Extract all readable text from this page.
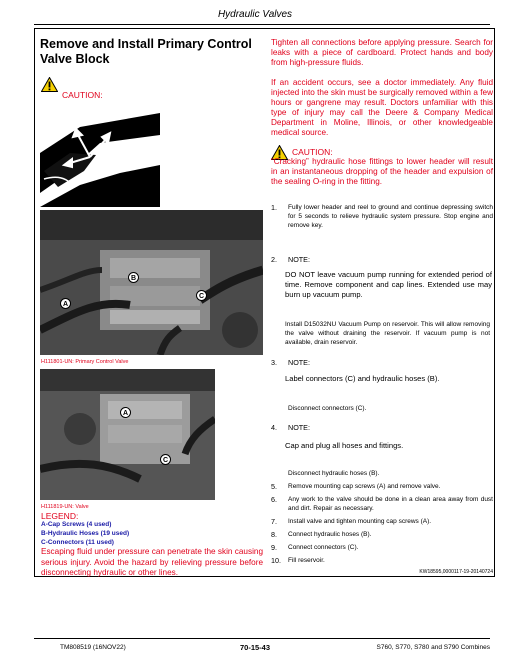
Hydraulic Valves
Remove and Install Primary Control Valve Block
CAUTION:
B
A
C
H111801-UN: Primary Control Valve
A
C
H111819-UN: Valve
LEGEND:
A-Cap Screws (4 used)
B-Hydraulic Hoses (19 used)
C-Connectors (11 used)
Escaping fluid under pressure can penetrate the skin causing serious injury. Avoid the hazard by relieving pressure before disconnecting hydraulic or other lines.
Tighten all connections before applying pressure. Search for leaks with a piece of cardboard. Protect hands and body from high-pressure fluids.
If an accident occurs, see a doctor immediately. Any fluid injected into the skin must be surgically removed within a few hours or gangrene may result. Doctors unfamiliar with this type of injury may call the Deere & Company Medical Department in Moline, Illinois, or other knowledgeable medical source.
CAUTION:
“Cracking” hydraulic hose fittings to lower header will result in an instantaneous dropping of the header and expulsion of the sealing O-ring in the fitting.
1. Fully lower header and reel to ground and continue depressing switch for 5 seconds to relieve hydraulic system pressure. Stop engine and remove key.
2. NOTE:
DO NOT leave vacuum pump running for extended period of time. Remove component and cap lines. Extended use may burn up vacuum pump.
Install D15032NU Vacuum Pump on reservoir. This will allow removing the valve without draining the reservoir. If vacuum pump is not available, drain reservoir.
3. NOTE:
Label connectors (C) and hydraulic hoses (B).
Disconnect connectors (C).
4. NOTE:
Cap and plug all hoses and fittings.
Disconnect hydraulic hoses (B).
5. Remove mounting cap screws (A) and remove valve.
6. Any work to the valve should be done in a clean area away from dust and dirt. Repair as necessary.
7. Install valve and tighten mounting cap screws (A).
8. Connect hydraulic hoses (B).
9. Connect connectors (C).
10. Fill reservoir.
KW18595,0000117-19-20140724
TM808519 (16NOV22)	70-15-43	S760, S770, S780 and S790 Combines
